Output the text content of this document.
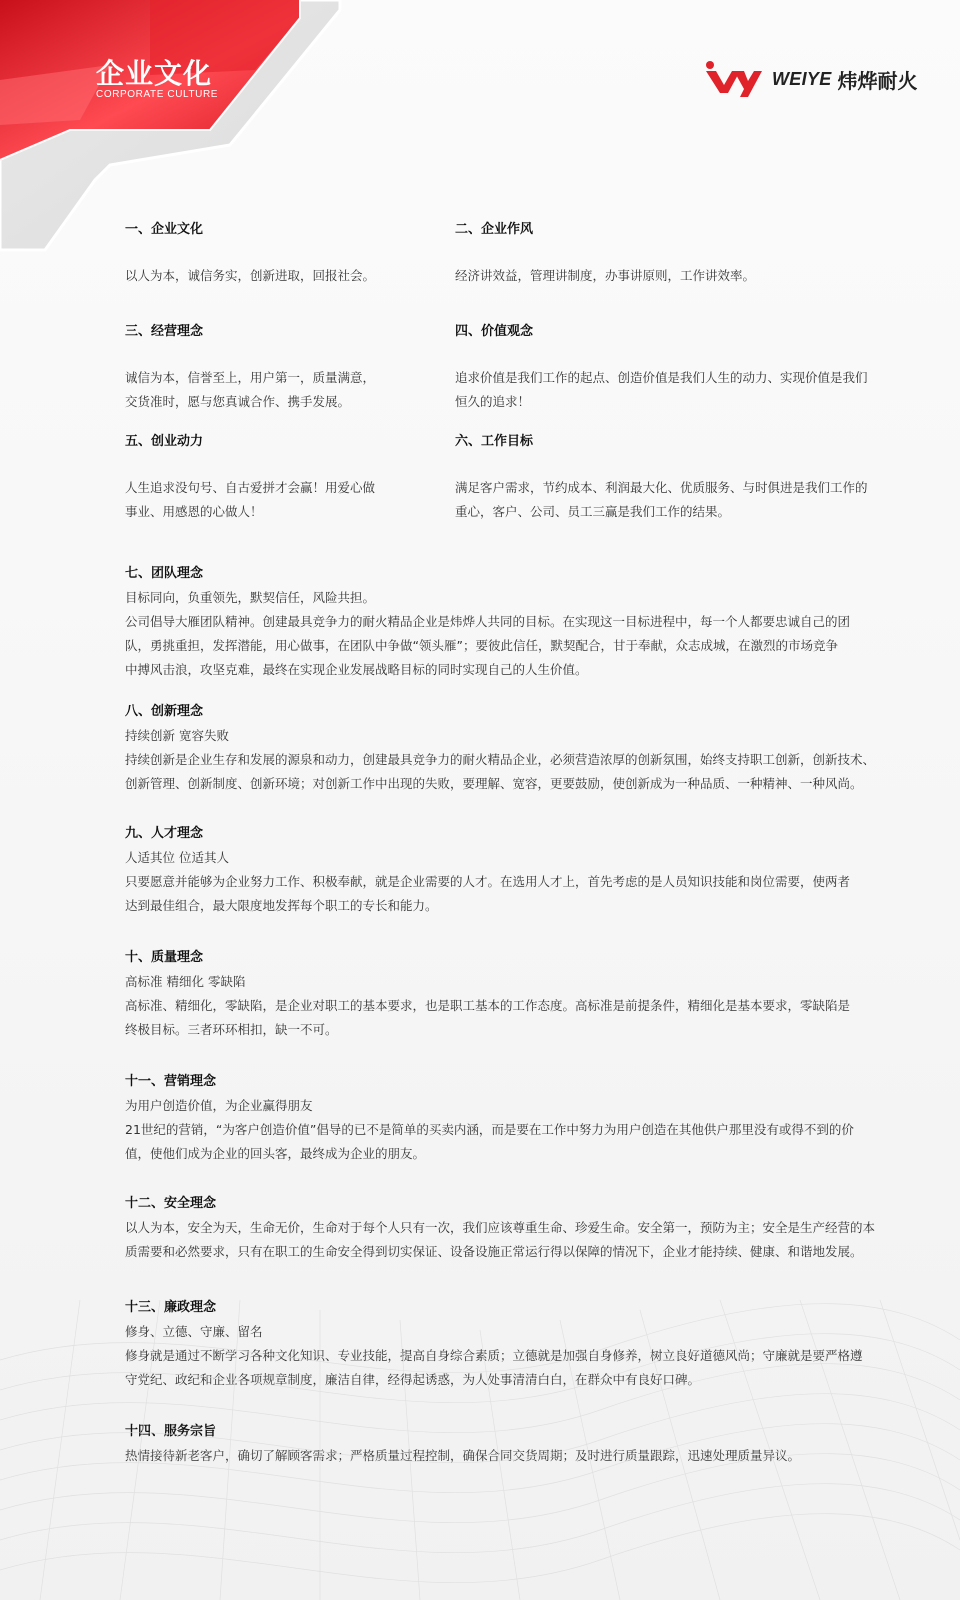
企业文化
CORPORATE CULTURE
WEIYE 炜烨耐火
一、企业文化

以人为本，诚信务实，创新进取，回报社会。

二、企业作风

经济讲效益，管理讲制度，办事讲原则，工作讲效率。

三、经营理念

诚信为本，信誉至上，用户第一，质量满意，

交货准时，愿与您真诚合作、携手发展。

四、价值观念

追求价值是我们工作的起点、创造价值是我们人生的动力、实现价值是我们

恒久的追求！

五、创业动力

人生追求没句号、自古爱拼才会赢！用爱心做

事业、用感恩的心做人！

六、工作目标

满足客户需求，节约成本、利润最大化、优质服务、与时俱进是我们工作的

重心，客户、公司、员工三赢是我们工作的结果。

七、团队理念

目标同向，负重领先，默契信任，风险共担。

公司倡导大雁团队精神。创建最具竞争力的耐火精品企业是炜烨人共同的目标。在实现这一目标进程中，每一个人都要忠诚自己的团

队，勇挑重担，发挥潜能，用心做事，在团队中争做“领头雁”；要彼此信任，默契配合，甘于奉献，众志成城，在激烈的市场竞争

中搏风击浪，攻坚克难，最终在实现企业发展战略目标的同时实现自己的人生价值。

八、创新理念

持续创新 宽容失败

持续创新是企业生存和发展的源泉和动力，创建最具竞争力的耐火精品企业，必须营造浓厚的创新氛围，始终支持职工创新，创新技术、

创新管理、创新制度、创新环境；对创新工作中出现的失败，要理解、宽容，更要鼓励，使创新成为一种品质、一种精神、一种风尚。

九、人才理念

人适其位 位适其人

只要愿意并能够为企业努力工作、积极奉献，就是企业需要的人才。在选用人才上，首先考虑的是人员知识技能和岗位需要，使两者

达到最佳组合，最大限度地发挥每个职工的专长和能力。

十、质量理念

高标准 精细化 零缺陷

高标准、精细化，零缺陷，是企业对职工的基本要求，也是职工基本的工作态度。高标准是前提条件，精细化是基本要求，零缺陷是

终极目标。三者环环相扣，缺一不可。

十一、营销理念

为用户创造价值，为企业赢得朋友

21世纪的营销，“为客户创造价值”倡导的已不是简单的买卖内涵，而是要在工作中努力为用户创造在其他供户那里没有或得不到的价

值，使他们成为企业的回头客，最终成为企业的朋友。

十二、安全理念

以人为本，安全为天，生命无价，生命对于每个人只有一次，我们应该尊重生命、珍爱生命。安全第一，预防为主；安全是生产经营的本

质需要和必然要求，只有在职工的生命安全得到切实保证、设备设施正常运行得以保障的情况下，企业才能持续、健康、和谐地发展。

十三、廉政理念

修身、立德、守廉、留名

修身就是通过不断学习各种文化知识、专业技能，提高自身综合素质；立德就是加强自身修养，树立良好道德风尚；守廉就是要严格遵

守党纪、政纪和企业各项规章制度，廉洁自律，经得起诱惑，为人处事清清白白，在群众中有良好口碑。

十四、服务宗旨

热情接待新老客户，确切了解顾客需求；严格质量过程控制，确保合同交货周期；及时进行质量跟踪，迅速处理质量异议。
